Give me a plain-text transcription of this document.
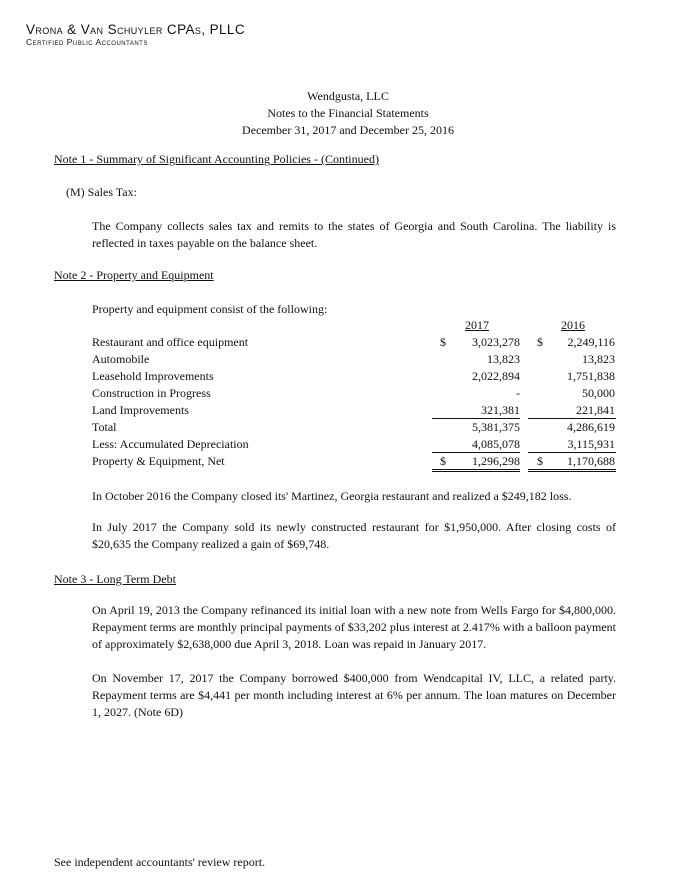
Vrona & Van Schuyler CPAs, PLLC
Certified Public Accountants
Wendgusta, LLC
Notes to the Financial Statements
December 31, 2017 and December 25, 2016
Note 1 - Summary of Significant Accounting Policies - (Continued)
(M) Sales Tax:
The Company collects sales tax and remits to the states of Georgia and South Carolina. The liability is reflected in taxes payable on the balance sheet.
Note 2 - Property and Equipment
Property and equipment consist of the following:
2017	2016
Restaurant and office equipment	$	3,023,278 $	2,249,116
Automobile	13,823	13,823
Leasehold Improvements	2,022,894	1,751,838
Construction in Progress	-	50,000
Land Improvements	321,381	221,841
Total	5,381,375	4,286,619
Less: Accumulated Depreciation	4,085,078	3,115,931
Property & Equipment, Net	$	1,296,298 $	1,170,688
In October 2016 the Company closed its' Martinez, Georgia restaurant and realized a $249,182 loss.
In July 2017 the Company sold its newly constructed restaurant for $1,950,000. After closing costs of $20,635 the Company realized a gain of $69,748.
Note 3 - Long Term Debt
On April 19, 2013 the Company refinanced its initial loan with a new note from Wells Fargo for $4,800,000. Repayment terms are monthly principal payments of $33,202 plus interest at 2.417% with a balloon payment of approximately $2,638,000 due April 3, 2018. Loan was repaid in January 2017.
On November 17, 2017 the Company borrowed $400,000 from Wendcapital IV, LLC, a related party. Repayment terms are $4,441 per month including interest at 6% per annum. The loan matures on December 1, 2027. (Note 6D)
See independent accountants' review report.
